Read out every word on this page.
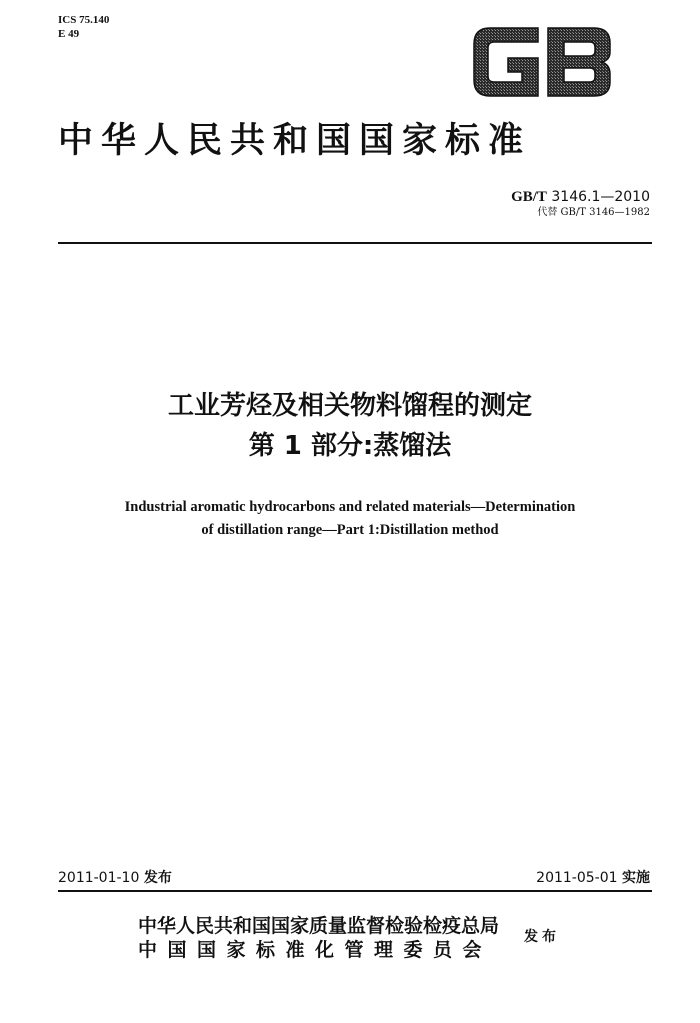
ICS 75.140
E 49
中华人民共和国国家标准
GB/T 3146.1—2010
代替 GB/T 3146—1982
工业芳烃及相关物料馏程的测定
第 1 部分:蒸馏法
Industrial aromatic hydrocarbons and related materials—Determination
of distillation range—Part 1:Distillation method
2011-01-10 发布	2011-05-01 实施
中华人民共和国国家质量监督检验检疫总局
中国国家标准化管理委员会
发布
